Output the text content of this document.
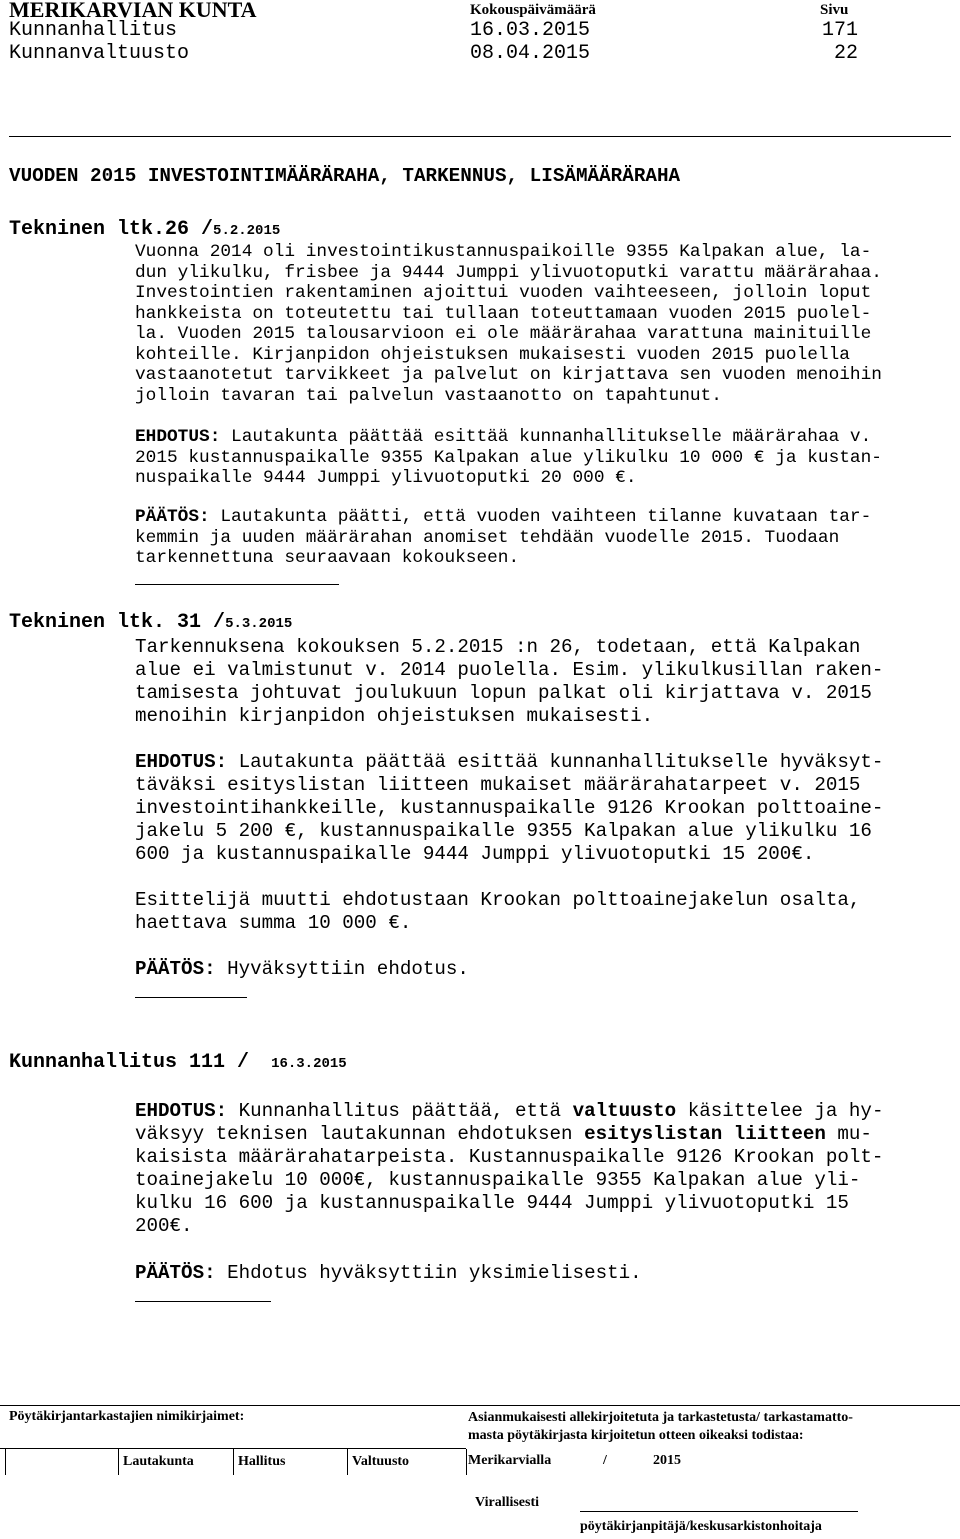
MERIKARVIAN KUNTA	Kokouspäivämäärä	Sivu
Kunnanhallitus	16.03.2015	171
Kunnanvaltuusto	08.04.2015	22
VUODEN 2015 INVESTOINTIMÄÄRÄRAHA, TARKENNUS, LISÄMÄÄRÄRAHA
Tekninen ltk.26 /5.2.2015
Vuonna 2014 oli investointikustannuspaikoille 9355 Kalpakan alue, la-
dun ylikulku, frisbee ja 9444 Jumppi ylivuotoputki varattu määrärahaa.
Investointien rakentaminen ajoittui vuoden vaihteeseen, jolloin loput
hankkeista on toteutettu tai tullaan toteuttamaan vuoden 2015 puolel-
la. Vuoden 2015 talousarvioon ei ole määrärahaa varattuna mainituille
kohteille. Kirjanpidon ohjeistuksen mukaisesti vuoden 2015 puolella
vastaanotetut tarvikkeet ja palvelut on kirjattava sen vuoden menoihin
jolloin tavaran tai palvelun vastaanotto on tapahtunut.
EHDOTUS: Lautakunta päättää esittää kunnanhallitukselle määrärahaa v.
2015 kustannuspaikalle 9355 Kalpakan alue ylikulku 10 000 € ja kustan-
nuspaikalle 9444 Jumppi ylivuotoputki 20 000 €.
PÄÄTÖS: Lautakunta päätti, että vuoden vaihteen tilanne kuvataan tar-
kemmin ja uuden määrärahan anomiset tehdään vuodelle 2015. Tuodaan
tarkennettuna seuraavaan kokoukseen.
Tekninen ltk. 31 /5.3.2015
Tarkennuksena kokouksen 5.2.2015 :n 26, todetaan, että Kalpakan
alue ei valmistunut v. 2014 puolella. Esim. ylikulkusillan raken-
tamisesta johtuvat joulukuun lopun palkat oli kirjattava v. 2015
menoihin kirjanpidon ohjeistuksen mukaisesti.
EHDOTUS: Lautakunta päättää esittää kunnanhallitukselle hyväksyt-
täväksi esityslistan liitteen mukaiset määrärahatarpeet v. 2015
investointihankkeille, kustannuspaikalle 9126 Krookan polttoaine-
jakelu 5 200 €, kustannuspaikalle 9355 Kalpakan alue ylikulku 16
600 ja kustannuspaikalle 9444 Jumppi ylivuotoputki 15 200€.
Esittelijä muutti ehdotustaan Krookan polttoainejakelun osalta,
haettava summa 10 000 €.
PÄÄTÖS: Hyväksyttiin ehdotus.
Kunnanhallitus 111 / 16.3.2015
EHDOTUS: Kunnanhallitus päättää, että valtuusto käsittelee ja hy-
väksyy teknisen lautakunnan ehdotuksen esityslistan liitteen mu-
kaisista määrärahatarpeista. Kustannuspaikalle 9126 Krookan polt-
toainejakelu 10 000€, kustannuspaikalle 9355 Kalpakan alue yli-
kulku 16 600 ja kustannuspaikalle 9444 Jumppi ylivuotoputki 15
200€.
PÄÄTÖS: Ehdotus hyväksyttiin yksimielisesti.
Pöytäkirjantarkastajien nimikirjaimet:	Asianmukaisesti allekirjoitetuta ja tarkastetusta/ tarkastamatto-
masta pöytäkirjasta kirjoitetun otteen oikeaksi todistaa:
Lautakunta	Hallitus	Valtuusto	Merikarvialla	/	2015
Virallisesti
pöytäkirjanpitäjä/keskusarkistonhoitaja
